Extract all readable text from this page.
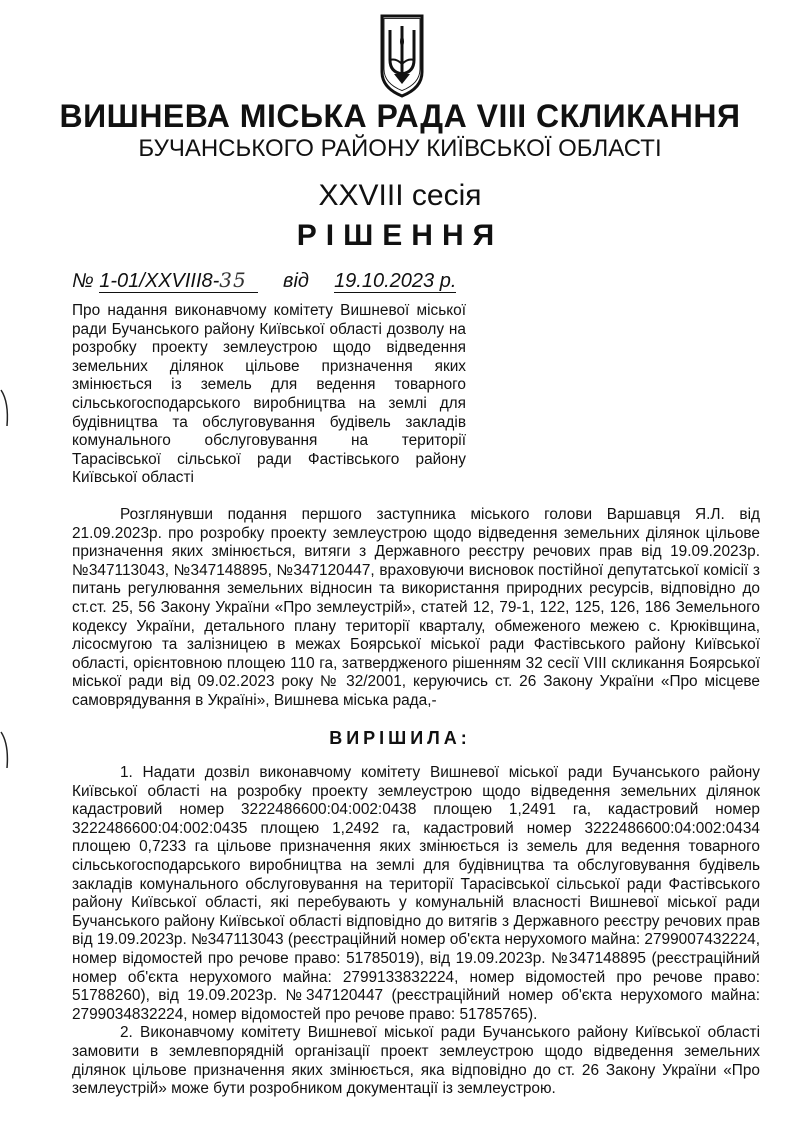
ВИШНЕВА МІСЬКА РАДА VIII СКЛИКАННЯ
БУЧАНСЬКОГО РАЙОНУ КИЇВСЬКОЇ ОБЛАСТІ
XXVIII сесія
РІШЕННЯ
№ 1-01/XXVIII8-35 від 19.10.2023 р.
Про надання виконавчому комітету Вишневої міської ради Бучанського району Київської області дозволу на розробку проекту землеустрою щодо відведення земельних ділянок цільове призначення яких змінюється із земель для ведення товарного сільськогосподарського виробництва на землі для будівництва та обслуговування будівель закладів комунального обслуговування на території Тарасівської сільської ради Фастівського району Київської області

Розглянувши подання першого заступника міського голови Варшавця Я.Л. від 21.09.2023р. про розробку проекту землеустрою щодо відведення земельних ділянок цільове призначення яких змінюється, витяги з Державного реєстру речових прав від 19.09.2023р. №347113043, №347148895, №347120447, враховуючи висновок постійної депутатської комісії з питань регулювання земельних відносин та використання природних ресурсів, відповідно до ст.ст. 25, 56 Закону України «Про землеустрій», статей 12, 79-1, 122, 125, 126, 186 Земельного кодексу України, детального плану території кварталу, обмеженого межею с. Крюківщина, лісосмугою та залізницею в межах Боярської міської ради Фастівського району Київської області, орієнтовною площею 110 га, затвердженого рішенням 32 сесії VIII скликання Боярської міської ради від 09.02.2023 року № 32/2001, керуючись ст. 26 Закону України «Про місцеве самоврядування в Україні», Вишнева міська рада,-

ВИРІШИЛА:

1. Надати дозвіл виконавчому комітету Вишневої міської ради Бучанського району Київської області на розробку проекту землеустрою щодо відведення земельних ділянок кадастровий номер 3222486600:04:002:0438 площею 1,2491 га, кадастровий номер 3222486600:04:002:0435 площею 1,2492 га, кадастровий номер 3222486600:04:002:0434 площею 0,7233 га цільове призначення яких змінюється із земель для ведення товарного сільськогосподарського виробництва на землі для будівництва та обслуговування будівель закладів комунального обслуговування на території Тарасівської сільської ради Фастівського району Київської області, які перебувають у комунальній власності Вишневої міської ради Бучанського району Київської області відповідно до витягів з Державного реєстру речових прав від 19.09.2023р. №347113043 (реєстраційний номер об'єкта нерухомого майна: 2799007432224, номер відомостей про речове право: 51785019), від 19.09.2023р. №347148895 (реєстраційний номер об'єкта нерухомого майна: 2799133832224, номер відомостей про речове право: 51788260), від 19.09.2023р. №347120447 (реєстраційний номер об'єкта нерухомого майна: 2799034832224, номер відомостей про речове право: 51785765).

2. Виконавчому комітету Вишневої міської ради Бучанського району Київської області замовити в землевпорядній організації проект землеустрою щодо відведення земельних ділянок цільове призначення яких змінюється, яка відповідно до ст. 26 Закону України «Про землеустрій» може бути розробником документації із землеустрою.
